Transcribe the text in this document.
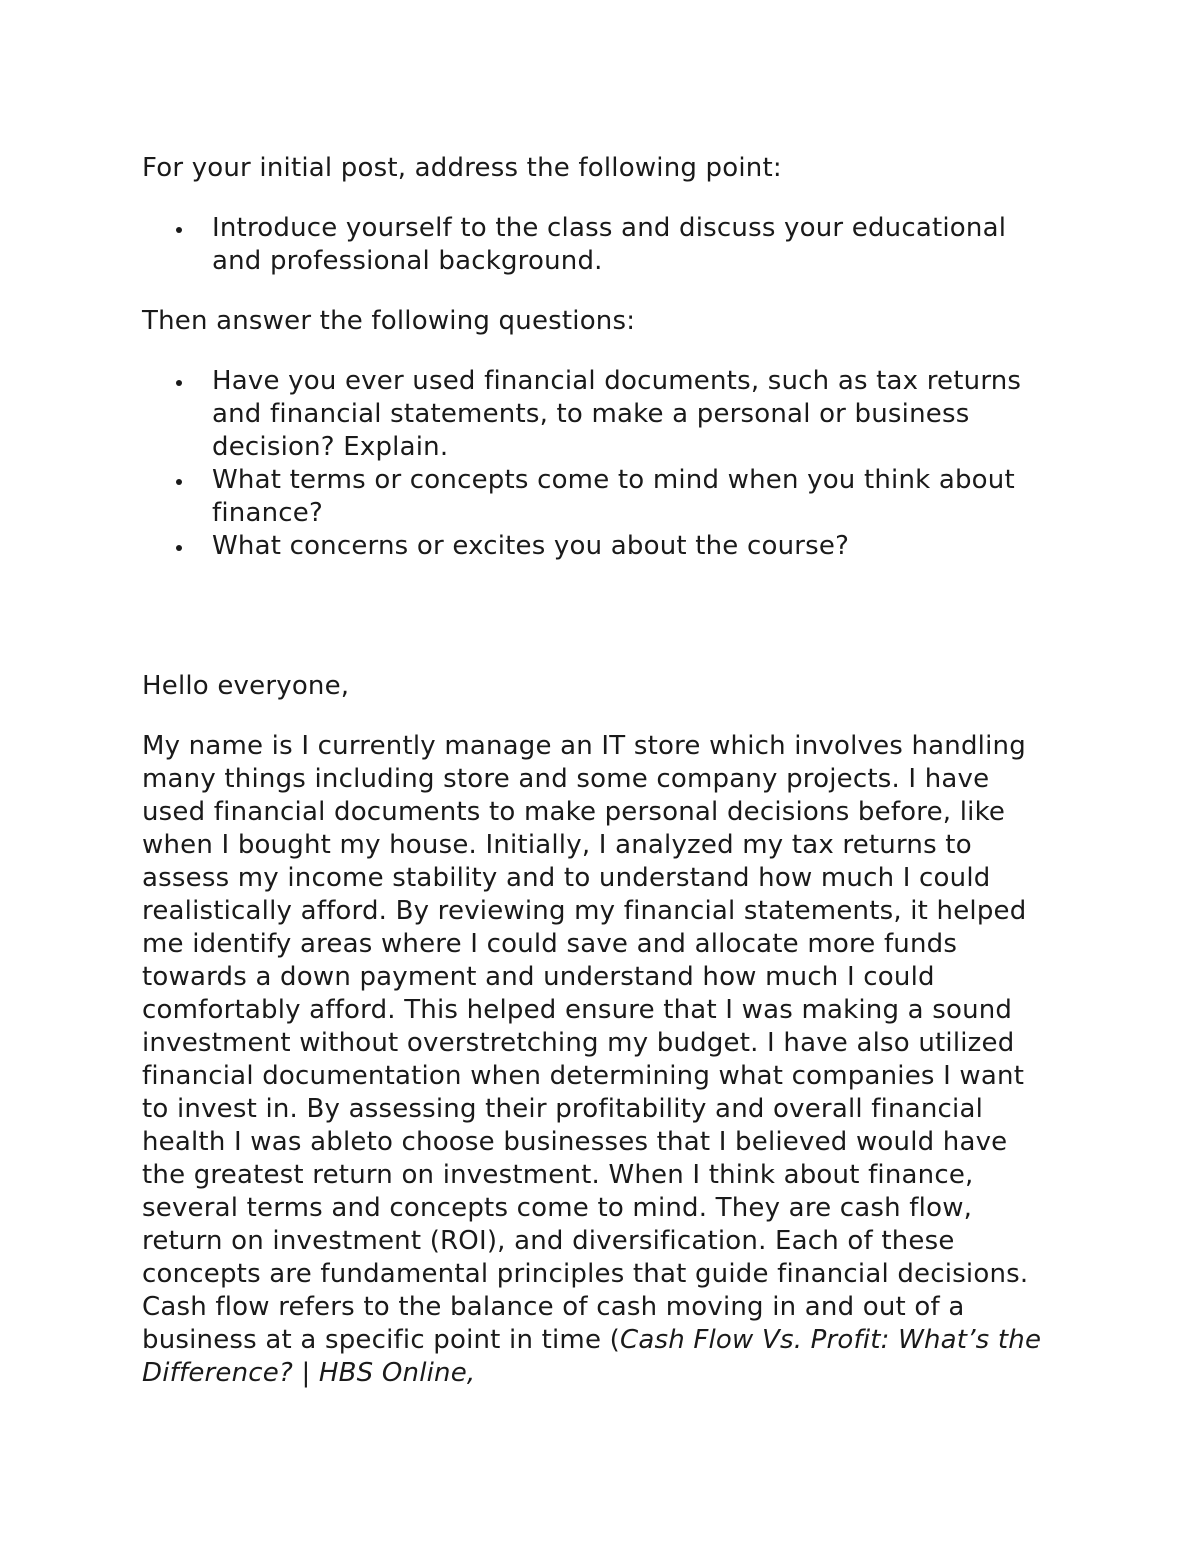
For your initial post, address the following point:

Introduce yourself to the class and discuss your educational and professional background.

Then answer the following questions:

Have you ever used financial documents, such as tax returns and financial statements, to make a personal or business decision? Explain.
What terms or concepts come to mind when you think about finance?
What concerns or excites you about the course?

Hello everyone,

My name is I currently manage an IT store which involves handling many things including store and some company projects. I have used financial documents to make personal decisions before, like when I bought my house. Initially, I analyzed my tax returns to assess my income stability and to understand how much I could realistically afford. By reviewing my financial statements, it helped me identify areas where I could save and allocate more funds towards a down payment and understand how much I could comfortably afford. This helped ensure that I was making a sound investment without overstretching my budget. I have also utilized financial documentation when determining what companies I want to invest in. By assessing their profitability and overall financial health I was ableto choose businesses that I believed would have the greatest return on investment. When I think about finance, several terms and concepts come to mind. They are cash flow, return on investment (ROI), and diversification. Each of these concepts are fundamental principles that guide financial decisions. Cash flow refers to the balance of cash moving in and out of a business at a specific point in time (Cash Flow Vs. Profit: What’s the Difference? | HBS Online,
